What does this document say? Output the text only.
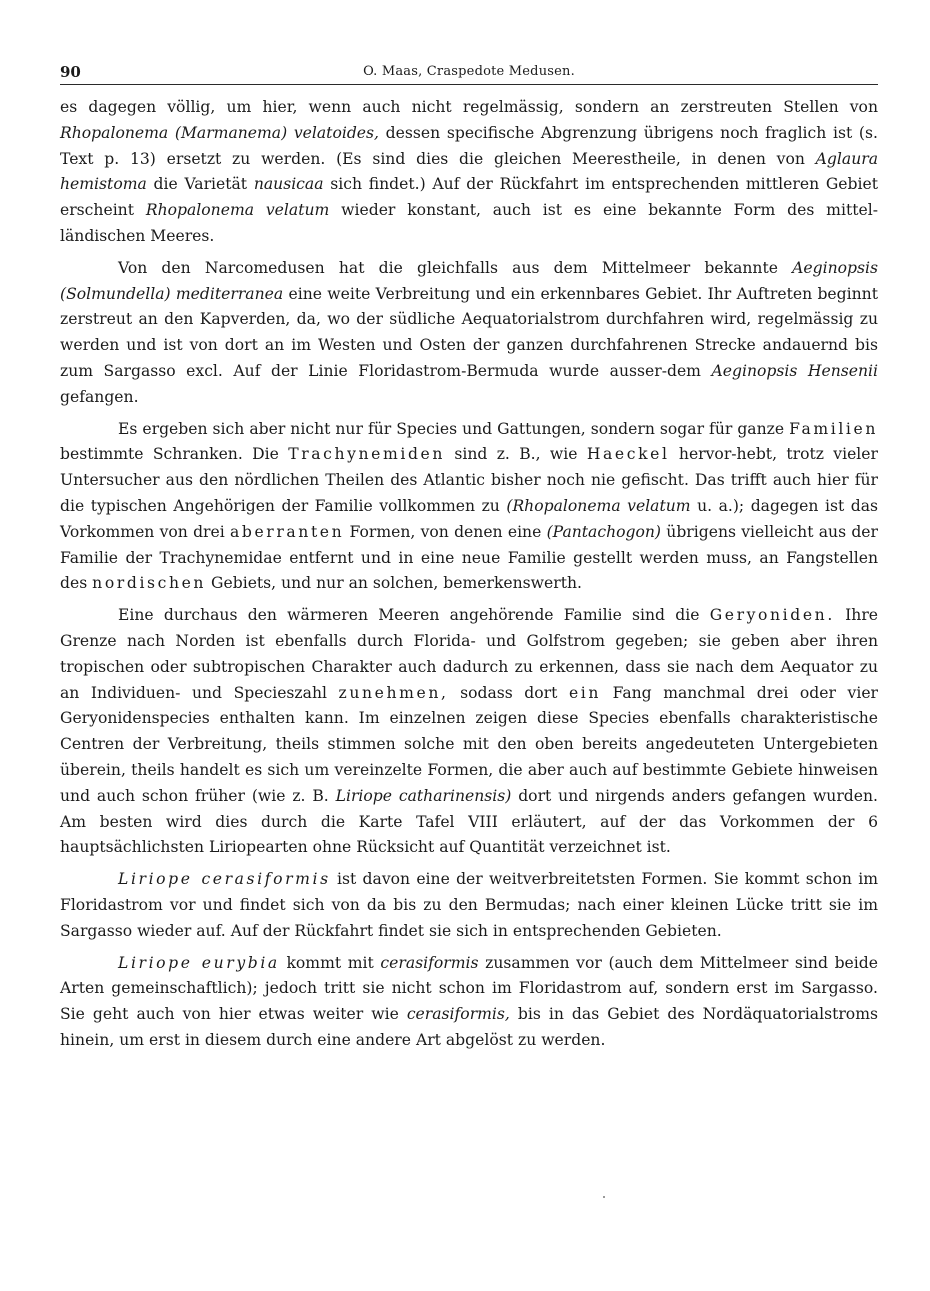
90	O. Maas, Craspedote Medusen.

es dagegen völlig, um hier, wenn auch nicht regelmässig, sondern an zerstreuten Stellen von Rhopalonema (Marmanema) velatoides, dessen specifische Abgrenzung übrigens noch fraglich ist (s. Text p. 13) ersetzt zu werden. (Es sind dies die gleichen Meerestheile, in denen von Aglaura hemistoma die Varietät nausicaa sich findet.) Auf der Rückfahrt im entsprechenden mittleren Gebiet erscheint Rhopalonema velatum wieder konstant, auch ist es eine bekannte Form des mittel-ländischen Meeres.

Von den Narcomedusen hat die gleichfalls aus dem Mittelmeer bekannte Aeginopsis (Solmundella) mediterranea eine weite Verbreitung und ein erkennbares Gebiet. Ihr Auftreten beginnt zerstreut an den Kapverden, da, wo der südliche Aequatorialstrom durchfahren wird, regelmässig zu werden und ist von dort an im Westen und Osten der ganzen durchfahrenen Strecke andauernd bis zum Sargasso excl. Auf der Linie Floridastrom-Bermuda wurde ausser-dem Aeginopsis Hensenii gefangen.

Es ergeben sich aber nicht nur für Species und Gattungen, sondern sogar für ganze Familien bestimmte Schranken. Die Trachynemiden sind z. B., wie Haeckel hervor-hebt, trotz vieler Untersucher aus den nördlichen Theilen des Atlantic bisher noch nie gefischt. Das trifft auch hier für die typischen Angehörigen der Familie vollkommen zu (Rhopalonema velatum u. a.); dagegen ist das Vorkommen von drei aberranten Formen, von denen eine (Pantachogon) übrigens vielleicht aus der Familie der Trachynemidae entfernt und in eine neue Familie gestellt werden muss, an Fangstellen des nordischen Gebiets, und nur an solchen, bemerkenswerth.

Eine durchaus den wärmeren Meeren angehörende Familie sind die Geryoniden. Ihre Grenze nach Norden ist ebenfalls durch Florida- und Golfstrom gegeben; sie geben aber ihren tropischen oder subtropischen Charakter auch dadurch zu erkennen, dass sie nach dem Aequator zu an Individuen- und Specieszahl zunehmen, sodass dort ein Fang manchmal drei oder vier Geryonidenspecies enthalten kann. Im einzelnen zeigen diese Species ebenfalls charakteristische Centren der Verbreitung, theils stimmen solche mit den oben bereits angedeuteten Untergebieten überein, theils handelt es sich um vereinzelte Formen, die aber auch auf bestimmte Gebiete hinweisen und auch schon früher (wie z. B. Liriope catharinensis) dort und nirgends anders gefangen wurden. Am besten wird dies durch die Karte Tafel VIII erläutert, auf der das Vorkommen der 6 hauptsächlichsten Liriopearten ohne Rücksicht auf Quantität verzeichnet ist.

Liriope cerasiformis ist davon eine der weitverbreitetsten Formen. Sie kommt schon im Floridastrom vor und findet sich von da bis zu den Bermudas; nach einer kleinen Lücke tritt sie im Sargasso wieder auf. Auf der Rückfahrt findet sie sich in entsprechenden Gebieten.

Liriope eurybia kommt mit cerasiformis zusammen vor (auch dem Mittelmeer sind beide Arten gemeinschaftlich); jedoch tritt sie nicht schon im Floridastrom auf, sondern erst im Sargasso. Sie geht auch von hier etwas weiter wie cerasiformis, bis in das Gebiet des Nordäquatorialstroms hinein, um erst in diesem durch eine andere Art abgelöst zu werden.
